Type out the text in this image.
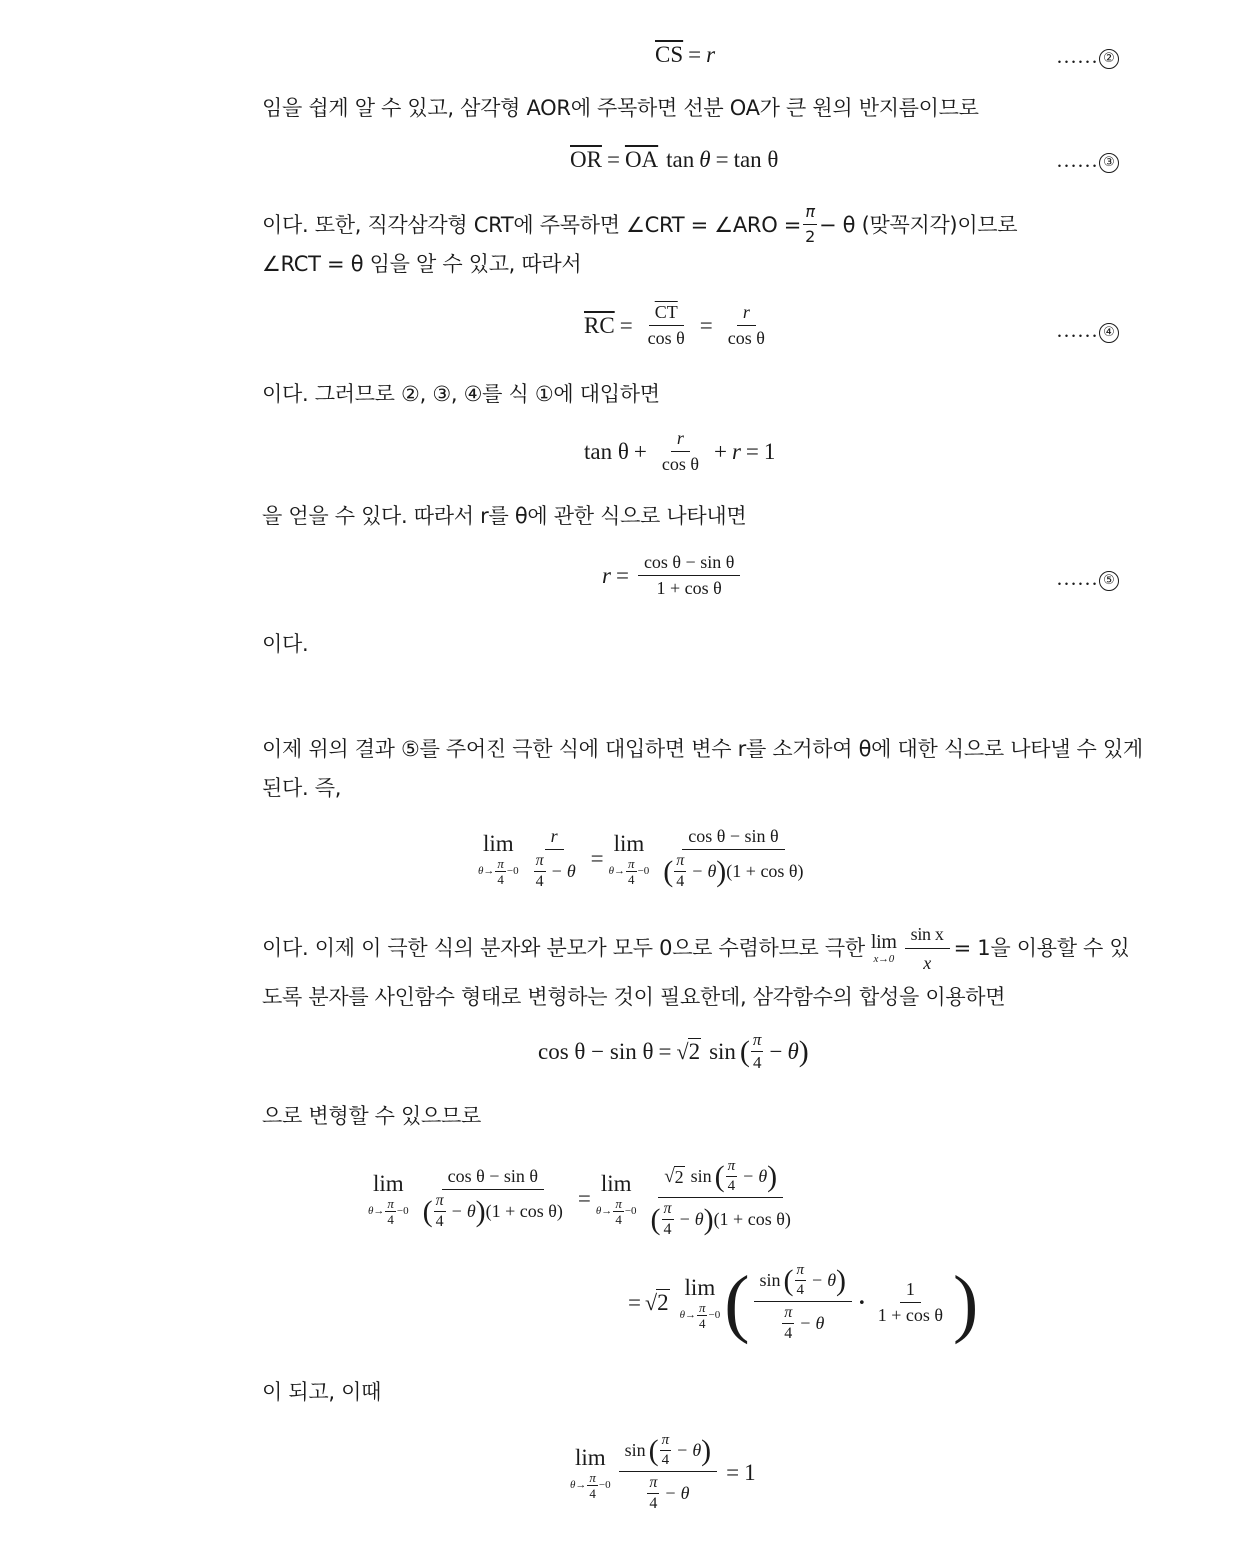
$\overline{CS} = r$	…… ②
임을 쉽게 알 수 있고, 삼각형 AOR에 주목하면 선분 OA가 큰 원의 반지름이므로
$\overline{OR} = \overline{OA}$ tan θ = tan θ	…… ③
이다. 또한, 직각삼각형 CRT에 주목하면 ∠CRT = ∠ARO = $\frac{\pi}{2} - \theta$ (맞꼭지각)이므로
∠RCT = θ 임을 알 수 있고, 따라서
$\overline{RC} = \frac{\overline{CT}}{\text{cos θ}} = \frac{r}{\text{cos θ}}$	…… ④
이다. 그러므로 ②, ③, ④를 식 ①에 대입하면
$\tan \theta + \frac{r}{\text{cos θ}} + r = 1$
을 얻을 수 있다. 따라서 r를 θ에 관한 식으로 나타내면
$r = \frac{\text{cos θ − sin θ}}{\text{1 + cos θ}}$	…… ⑤
이다.
이제 위의 결과 ⑤를 주어진 극한 식에 대입하면 변수 r를 소거하여 θ에 대한 식으로 나타낼 수 있게
된다. 즉,
lim
$\theta\to \frac{\pi}{4} -0 \frac{r}{\frac{\pi}{4} - \theta}$ =
lim
$\theta\to \frac{\pi}{4} -0 \frac{\text{cos θ − sin θ}}{( \frac{\pi}{4} - \theta ) (1 + \cos \theta)}$
이다. 이제 이 극한 식의 분자와 분모가 모두 0으로 수렴하므로 극한 lim
$x\to 0 \frac{\text{sin x}}{x} = 1$을 이용할 수 있
도록 분자를 사인함수 형태로 변형하는 것이 필요한데, 삼각함수의 합성을 이용하면
cos θ − sin θ = √ 2 sin ( $\frac{\pi}{4} - \theta$ )
으로 변형할 수 있으므로
lim
$\theta\to \frac{\pi}{4} -0 \frac{\text{cos θ − sin θ}}{( \frac{\pi}{4} - \theta ) (1 + \cos \theta)}$ =
lim
$\theta\to \frac{\pi}{4} -0 \frac{√ 2 \sin ( \frac{\pi}{4} - \theta )}{( \frac{\pi}{4} - \theta ) (1 + \cos \theta)}$
= √ 2
lim
$\theta\to \frac{\pi}{4} -0$ ( $\frac{\sin ( \frac{\pi}{4} - \theta )}{\frac{\pi}{4} - \theta} \cdot \frac{1}{\text{1 + cos θ}}$ )
이 되고, 이때
lim
$\theta\to \frac{\pi}{4} -0 \frac{\sin ( \frac{\pi}{4} - \theta )}{\frac{\pi}{4} - \theta} = 1$
